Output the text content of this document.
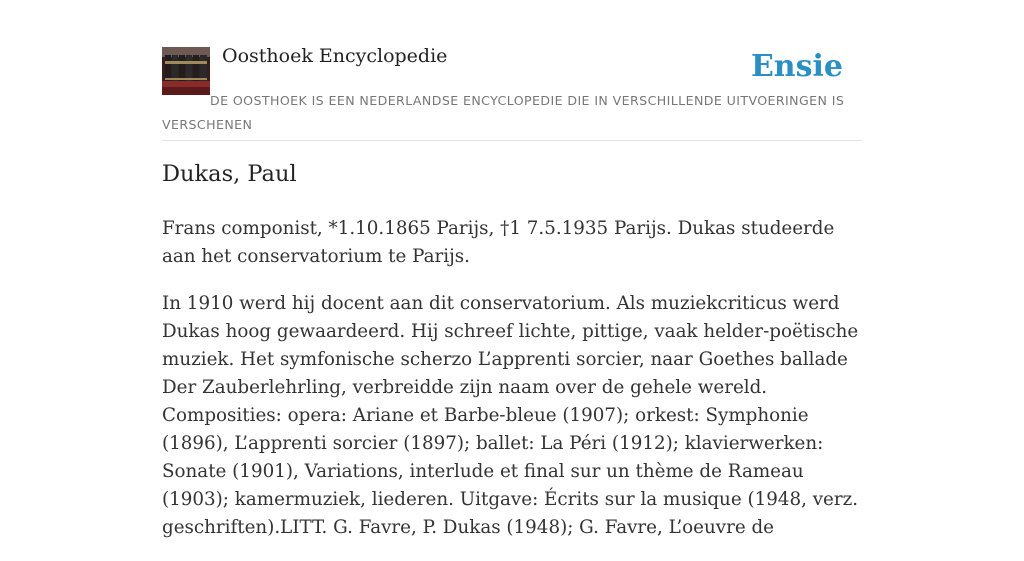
Oosthoek Encyclopedie	Ensie
DE OOSTHOEK IS EEN NEDERLANDSE ENCYCLOPEDIE DIE IN VERSCHILLENDE UITVOERINGEN IS VERSCHENEN
Dukas, Paul

Frans componist, *1.10.1865 Parijs, †1 7.5.1935 Parijs. Dukas studeerde aan het conservatorium te Parijs.

In 1910 werd hij docent aan dit conservatorium. Als muziekcriticus werd Dukas hoog gewaardeerd. Hij schreef lichte, pittige, vaak helder-poëtische muziek. Het symfonische scherzo L’apprenti sorcier, naar Goethes ballade Der Zauberlehrling, verbreidde zijn naam over de gehele wereld. Composities: opera: Ariane et Barbe-bleue (1907); orkest: Symphonie (1896), L’apprenti sorcier (1897); ballet: La Péri (1912); klavierwerken: Sonate (1901), Variations, interlude et final sur un thème de Rameau (1903); kamermuziek, liederen. Uitgave: Écrits sur la musique (1948, verz. geschriften).LITT. G. Favre, P. Dukas (1948); G. Favre, L’oeuvre de
